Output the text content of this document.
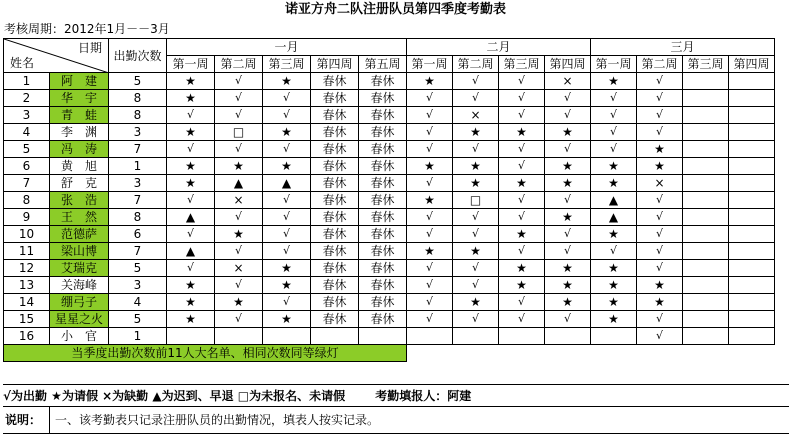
诺亚方舟二队注册队员第四季度考勤表
考核周期：2012年1月－－3月
日期
姓名		出勤次数	一月					二月				三月			
			第一周	第二周	第三周	第四周	第五周	第一周	第二周	第三周	第四周	第一周	第二周	第三周	第四周
1	阿　建	5	★	√	★	春休	春休	★	√	√	×	★	√		
2	华　宇	8	★	√	√	春休	春休	√	√	√	√	√	√		
3	青　蛙	8	√	√	√	春休	春休	√	×	√	√	√	√		
4	李　渊	3	★	□	★	春休	春休	√	★	★	★	√	√		
5	冯　涛	7	√	√	√	春休	春休	√	√	√	√	√	★		
6	黄　旭	1	★	★	★	春休	春休	★	★	√	★	★	★		
7	舒　克	3	★	▲	▲	春休	春休	√	★	★	★	★	×		
8	张　浩	7	√	×	√	春休	春休	★	□	√	√	▲	√		
9	王　然	8	▲	√	√	春休	春休	√	√	√	★	▲	√		
10	范德萨	6	√	★	√	春休	春休	√	√	★	√	★	√		
11	梁山博	7	▲	√	√	春休	春休	★	★	√	√	√	√		
12	艾瑞克	5	√	×	★	春休	春休	√	√	★	★	★	√		
13	关海峰	3	★	√	★	春休	春休	√	√	★	★	★	★		
14	绷弓子	4	★	★	√	春休	春休	√	★	√	★	★	★		
15	星星之火	5	★	√	★	春休	春休	√	√	√	√	★	√		
16	小　官	1											√		
当季度出勤次数前11人大名单、相同次数同等绿灯															
√为出勤 ★为请假 ×为缺勤 ▲为迟到、早退 □为未报名、未请假	考勤填报人：阿建
说明：	一、该考勤表只记录注册队员的出勤情况，填表人按实记录。
